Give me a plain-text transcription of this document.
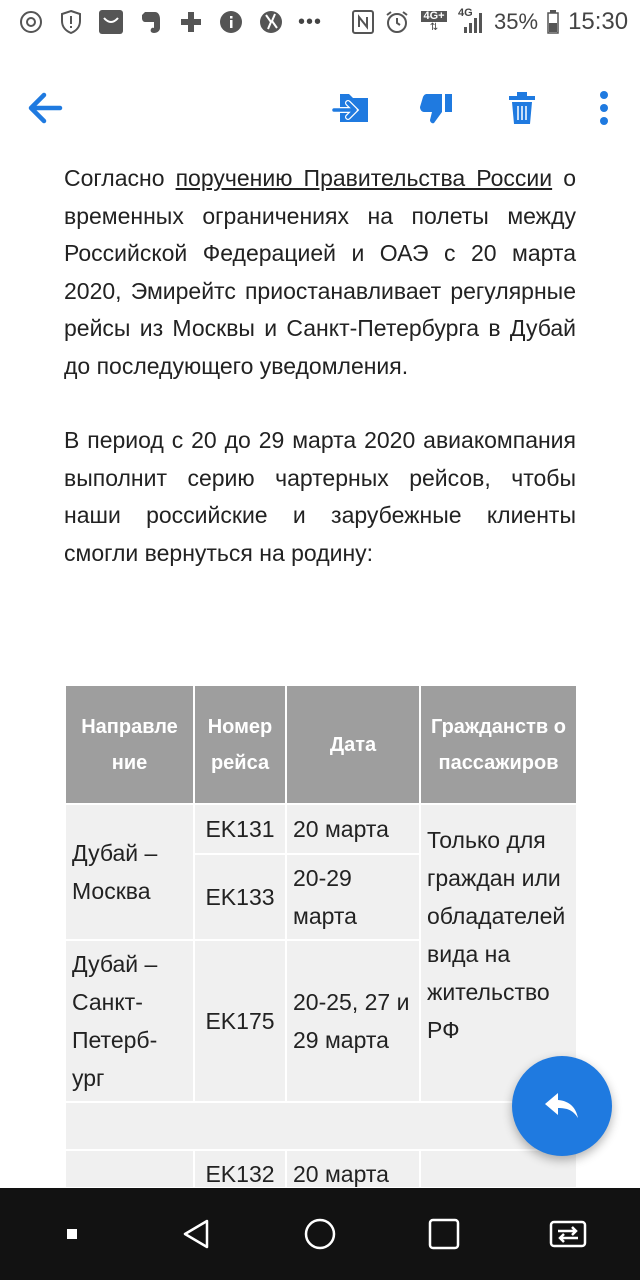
•••	4G+
⇅
4G 35% 15:30

Согласно поручению Правительства России о временных ограничениях на полеты между Российской Федерацией и ОАЭ с 20 марта 2020, Эмирейтс приостанавливает регулярные рейсы из Москвы и Санкт-Петербурга в Дубай до последующего уведомления.

В период с 20 до 29 марта 2020 авиакомпания выполнит серию чартерных рейсов, чтобы наши российские и зарубежные клиенты смогли вернуться на родину:

Направле ние	Номер рейса	Дата	Гражданств о пассажиров
Дубай – Москва	EK131	20 марта	Только для граждан или обладателей вида на жительство РФ
	EK133	20-29 марта	
Дубай – Санкт-Петерб-ург	EK175	20-25, 27 и 29 марта	

	EK132	20 марта	
